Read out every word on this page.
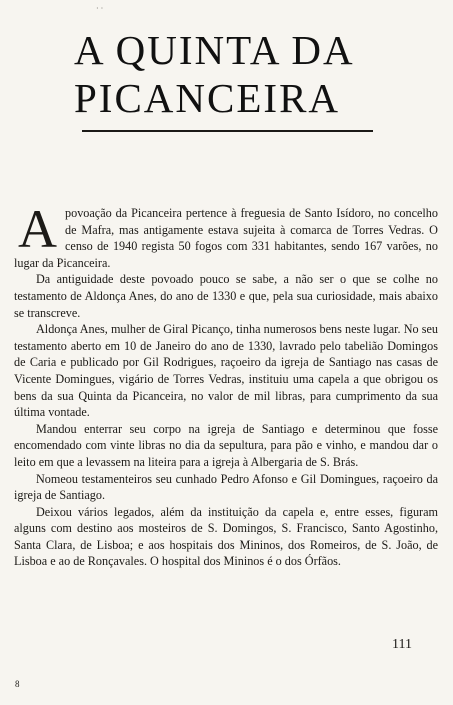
· ·
A QUINTA DA
PICANCEIRA

Apovoação da Picanceira pertence à freguesia de Santo Isídoro, no concelho de Mafra, mas antigamente estava sujeita à comarca de Torres Vedras. O censo de 1940 regista 50 fogos com 331 habitantes, sendo 167 varões, no lugar da Picanceira.

Da antiguidade deste povoado pouco se sabe, a não ser o que se colhe no testamento de Aldonça Anes, do ano de 1330 e que, pela sua curiosidade, mais abaixo se transcreve.

Aldonça Anes, mulher de Giral Picanço, tinha numerosos bens neste lugar. No seu testamento aberto em 10 de Janeiro do ano de 1330, lavrado pelo tabelião Domingos de Caria e publicado por Gil Rodrigues, raçoeiro da igreja de Santiago nas casas de Vicente Domingues, vigário de Torres Vedras, instituiu uma capela a que obrigou os bens da sua Quinta da Picanceira, no valor de mil libras, para cumprimento da sua última vontade.

Mandou enterrar seu corpo na igreja de Santiago e determinou que fosse encomendado com vinte libras no dia da sepultura, para pão e vinho, e mandou dar o leito em que a levassem na liteira para a igreja à Albergaria de S. Brás.

Nomeou testamenteiros seu cunhado Pedro Afonso e Gil Domingues, raçoeiro da igreja de Santiago.

Deixou vários legados, além da instituição da capela e, entre esses, figuram alguns com destino aos mosteiros de S. Domingos, S. Francisco, Santo Agostinho, Santa Clara, de Lisboa; e aos hospitais dos Mininos, dos Romeiros, de S. João, de Lisboa e ao de Ronçavales. O hospital dos Mininos é o dos Órfãos.

111
8
